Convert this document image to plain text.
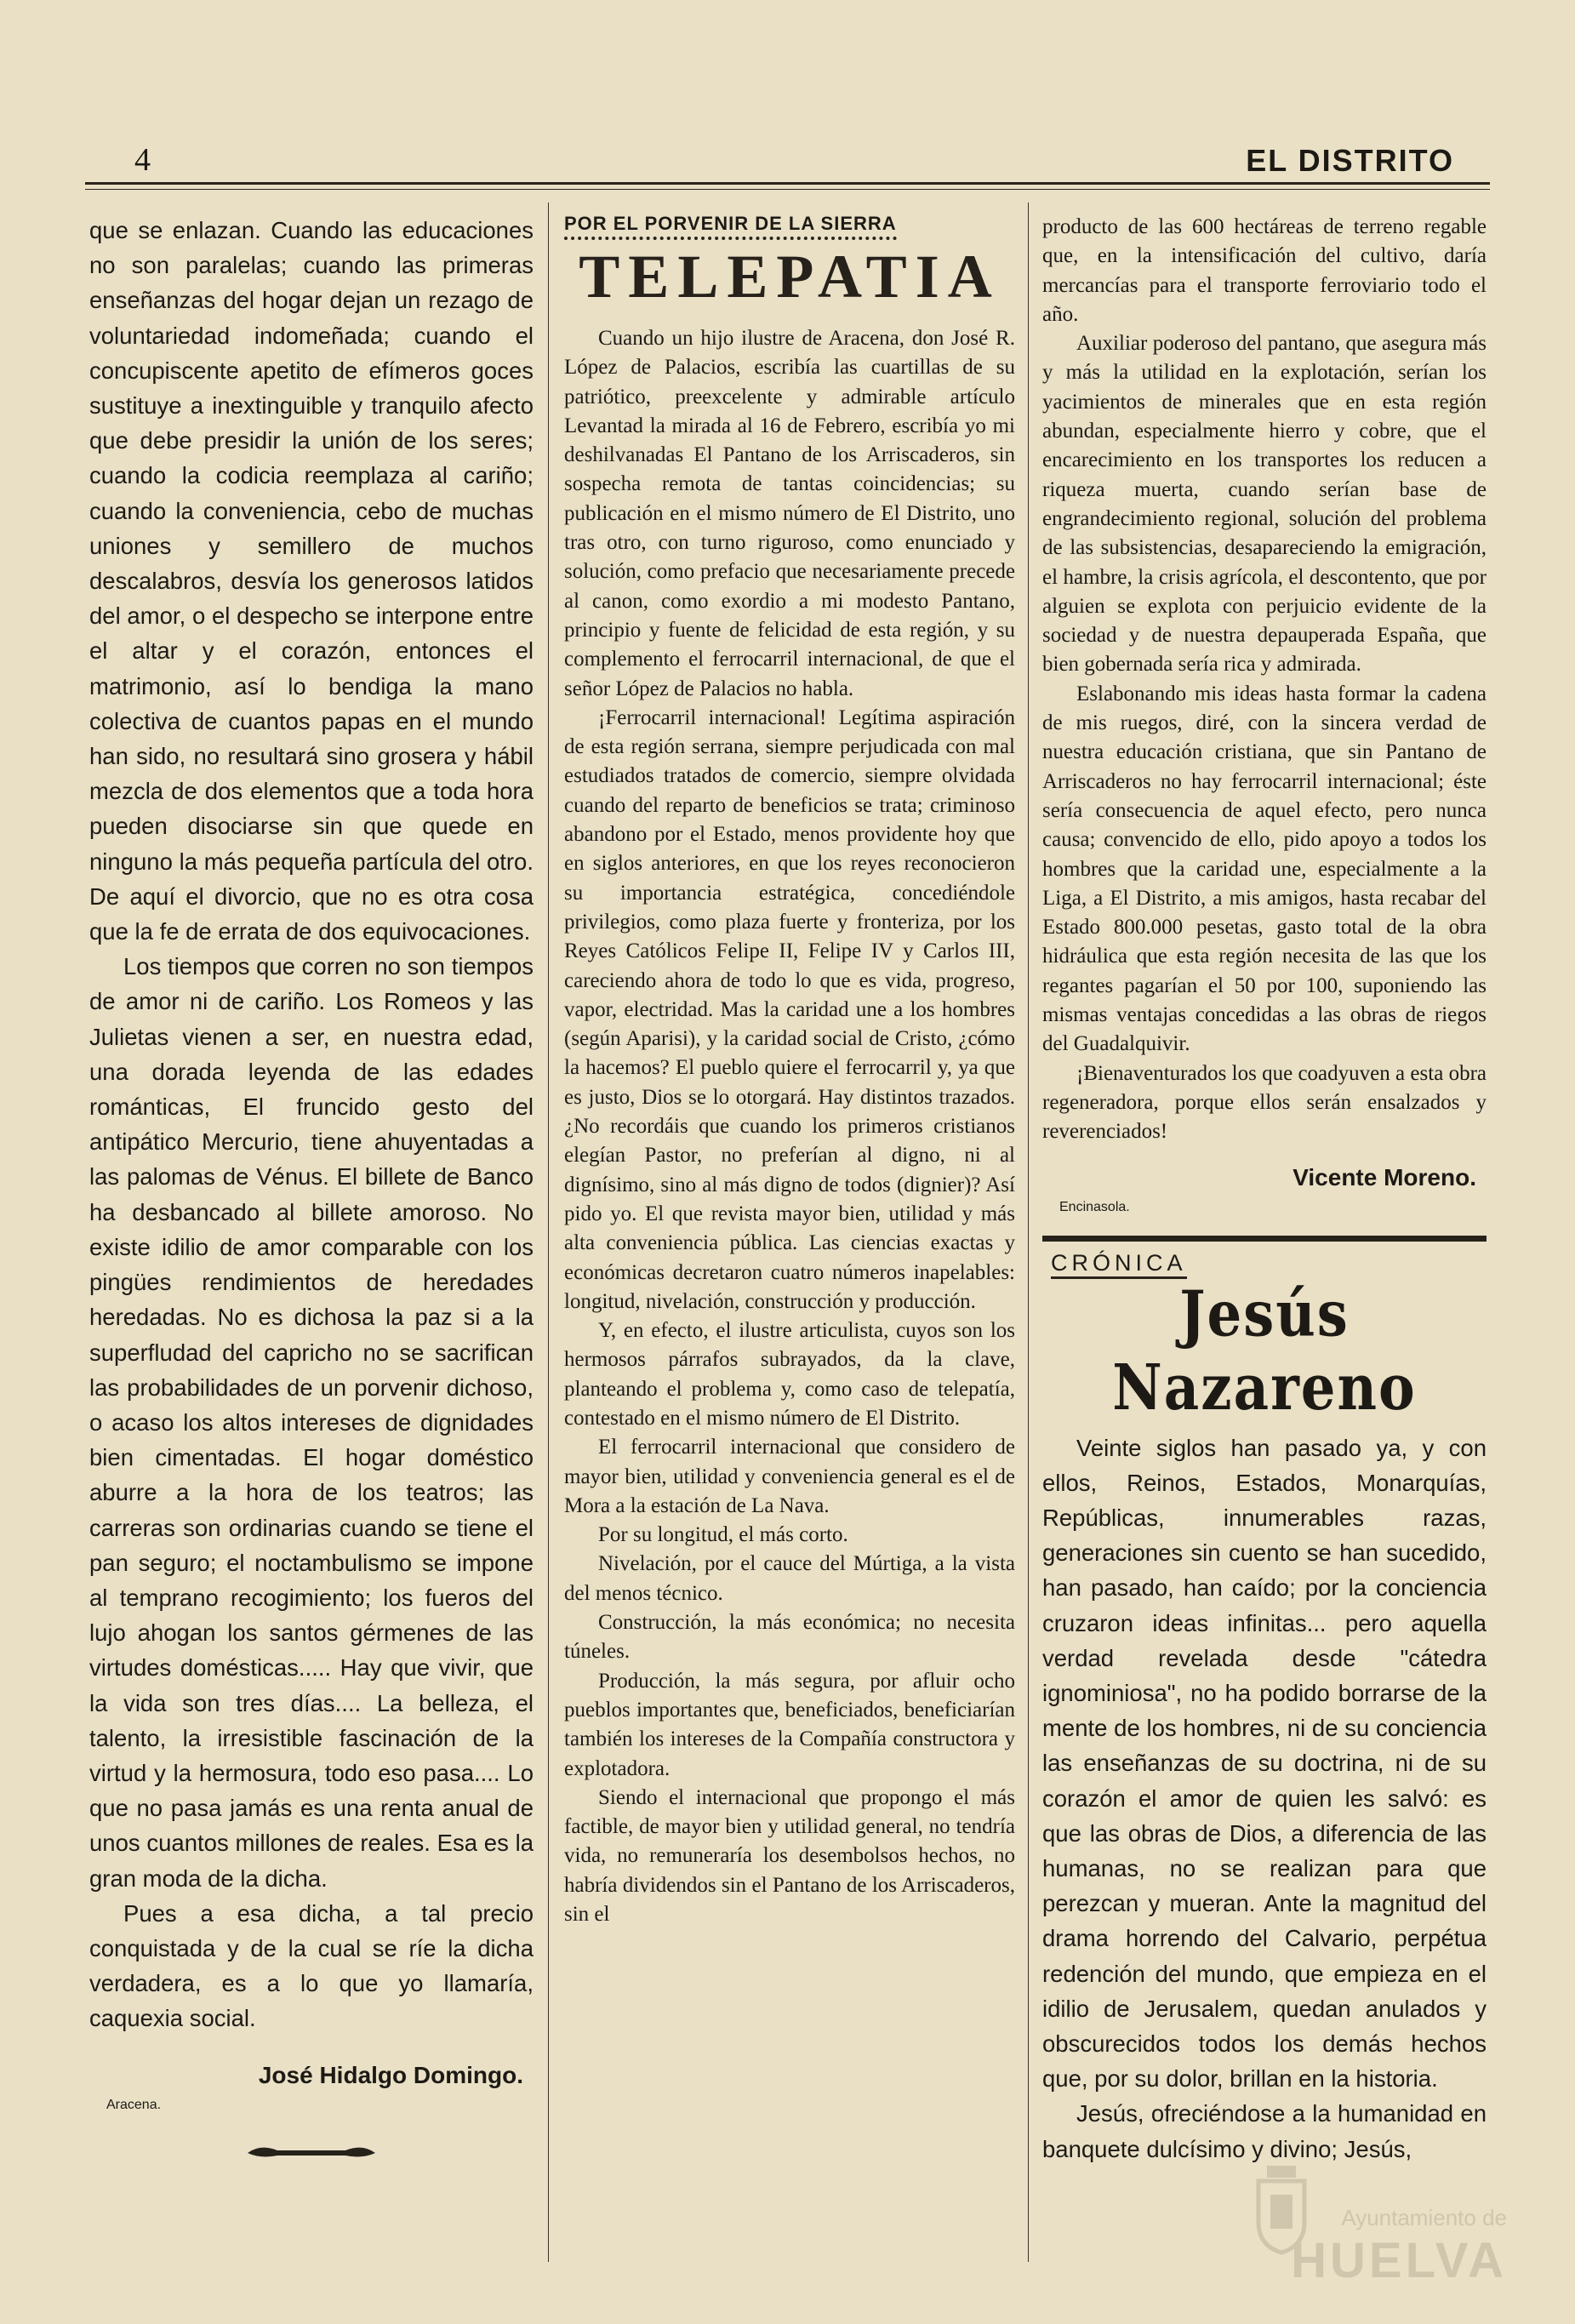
4	EL DISTRITO

que se enlazan. Cuando las educaciones no son paralelas; cuando las primeras enseñanzas del hogar dejan un rezago de voluntariedad indomeñada; cuando el concupiscente apetito de efímeros goces sustituye a inextinguible y tranquilo afecto que debe presidir la unión de los seres; cuando la codicia reemplaza al cariño; cuando la conveniencia, cebo de muchas uniones y semillero de muchos descalabros, desvía los generosos latidos del amor, o el despecho se interpone entre el altar y el corazón, entonces el matrimonio, así lo bendiga la mano colectiva de cuantos papas en el mundo han sido, no resultará sino grosera y hábil mezcla de dos elementos que a toda hora pueden disociarse sin que quede en ninguno la más pequeña partícula del otro. De aquí el divorcio, que no es otra cosa que la fe de errata de dos equivocaciones.

Los tiempos que corren no son tiempos de amor ni de cariño. Los Romeos y las Julietas vienen a ser, en nuestra edad, una dorada leyenda de las edades románticas, El fruncido gesto del antipático Mercurio, tiene ahuyentadas a las palomas de Vénus. El billete de Banco ha desbancado al billete amoroso. No existe idilio de amor comparable con los pingües rendimientos de heredades heredadas. No es dichosa la paz si a la superfludad del capricho no se sacrifican las probabilidades de un porvenir dichoso, o acaso los altos intereses de dignidades bien cimentadas. El hogar doméstico aburre a la hora de los teatros; las carreras son ordinarias cuando se tiene el pan seguro; el noctambulismo se impone al temprano recogimiento; los fueros del lujo ahogan los santos gérmenes de las virtudes domésticas..... Hay que vivir, que la vida son tres días.... La belleza, el talento, la irresistible fascinación de la virtud y la hermosura, todo eso pasa.... Lo que no pasa jamás es una renta anual de unos cuantos millones de reales. Esa es la gran moda de la dicha.

Pues a esa dicha, a tal precio conquistada y de la cual se ríe la dicha verdadera, es a lo que yo llamaría, caquexia social.

José Hidalgo Domingo.
Aracena.
POR EL PORVENIR DE LA SIERRA
TELEPATIA

Cuando un hijo ilustre de Aracena, don José R. López de Palacios, escribía las cuartillas de su patriótico, preexcelente y admirable artículo Levantad la mirada al 16 de Febrero, escribía yo mi deshilvanadas El Pantano de los Arriscaderos, sin sospecha remota de tantas coincidencias; su publicación en el mismo número de El Distrito, uno tras otro, con turno riguroso, como enunciado y solución, como prefacio que necesariamente precede al canon, como exordio a mi modesto Pantano, principio y fuente de felicidad de esta región, y su complemento el ferrocarril internacional, de que el señor López de Palacios no habla.

¡Ferrocarril internacional! Legítima aspiración de esta región serrana, siempre perjudicada con mal estudiados tratados de comercio, siempre olvidada cuando del reparto de beneficios se trata; criminoso abandono por el Estado, menos providente hoy que en siglos anteriores, en que los reyes reconocieron su importancia estratégica, concediéndole privilegios, como plaza fuerte y fronteriza, por los Reyes Católicos Felipe II, Felipe IV y Carlos III, careciendo ahora de todo lo que es vida, progreso, vapor, electridad. Mas la caridad une a los hombres (según Aparisi), y la caridad social de Cristo, ¿cómo la hacemos? El pueblo quiere el ferrocarril y, ya que es justo, Dios se lo otorgará. Hay distintos trazados. ¿No recordáis que cuando los primeros cristianos elegían Pastor, no preferían al digno, ni al dignísimo, sino al más digno de todos (dignier)? Así pido yo. El que revista mayor bien, utilidad y más alta conveniencia pública. Las ciencias exactas y económicas decretaron cuatro números inapelables: longitud, nivelación, construcción y producción.

Y, en efecto, el ilustre articulista, cuyos son los hermosos párrafos subrayados, da la clave, planteando el problema y, como caso de telepatía, contestado en el mismo número de El Distrito.

El ferrocarril internacional que considero de mayor bien, utilidad y conveniencia general es el de Mora a la estación de La Nava.

Por su longitud, el más corto.

Nivelación, por el cauce del Múrtiga, a la vista del menos técnico.

Construcción, la más económica; no necesita túneles.

Producción, la más segura, por afluir ocho pueblos importantes que, beneficiados, beneficiarían también los intereses de la Compañía constructora y explotadora.

Siendo el internacional que propongo el más factible, de mayor bien y utilidad general, no tendría vida, no remuneraría los desembolsos hechos, no habría dividendos sin el Pantano de los Arriscaderos, sin el

producto de las 600 hectáreas de terreno regable que, en la intensificación del cultivo, daría mercancías para el transporte ferroviario todo el año.

Auxiliar poderoso del pantano, que asegura más y más la utilidad en la explotación, serían los yacimientos de minerales que en esta región abundan, especialmente hierro y cobre, que el encarecimiento en los transportes los reducen a riqueza muerta, cuando serían base de engrandecimiento regional, solución del problema de las subsistencias, desapareciendo la emigración, el hambre, la crisis agrícola, el descontento, que por alguien se explota con perjuicio evidente de la sociedad y de nuestra depauperada España, que bien gobernada sería rica y admirada.

Eslabonando mis ideas hasta formar la cadena de mis ruegos, diré, con la sincera verdad de nuestra educación cristiana, que sin Pantano de Arriscaderos no hay ferrocarril internacional; éste sería consecuencia de aquel efecto, pero nunca causa; convencido de ello, pido apoyo a todos los hombres que la caridad une, especialmente a la Liga, a El Distrito, a mis amigos, hasta recabar del Estado 800.000 pesetas, gasto total de la obra hidráulica que esta región necesita de las que los regantes pagarían el 50 por 100, suponiendo las mismas ventajas concedidas a las obras de riegos del Guadalquivir.

¡Bienaventurados los que coadyuven a esta obra regeneradora, porque ellos serán ensalzados y reverenciados!

Vicente Moreno.
Encinasola.
CRÓNICA
Jesús Nazareno

Veinte siglos han pasado ya, y con ellos, Reinos, Estados, Monarquías, Repúblicas, innumerables razas, generaciones sin cuento se han sucedido, han pasado, han caído; por la conciencia cruzaron ideas infinitas... pero aquella verdad revelada desde "cátedra ignominiosa", no ha podido borrarse de la mente de los hombres, ni de su conciencia las enseñanzas de su doctrina, ni de su corazón el amor de quien les salvó: es que las obras de Dios, a diferencia de las humanas, no se realizan para que perezcan y mueran. Ante la magnitud del drama horrendo del Calvario, perpétua redención del mundo, que empieza en el idilio de Jerusalem, quedan anulados y obscurecidos todos los demás hechos que, por su dolor, brillan en la historia.

Jesús, ofreciéndose a la humanidad en banquete dulcísimo y divino; Jesús,

Ayuntamiento de
HUELVA
